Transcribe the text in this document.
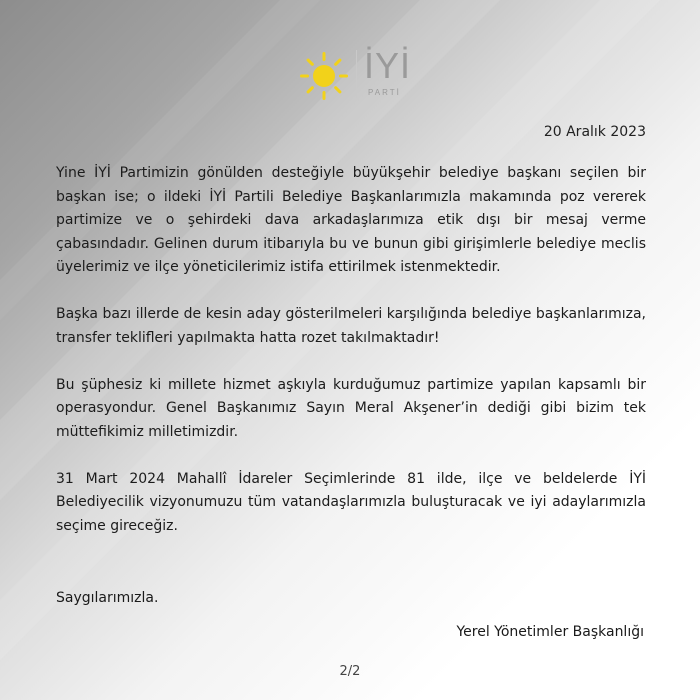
İYİ
PARTİ
20 Aralık 2023

Yine İYİ Partimizin gönülden desteğiyle büyükşehir belediye başkanı seçilen bir başkan ise; o ildeki İYİ Partili Belediye Başkanlarımızla makamında poz vererek partimize ve o şehirdeki dava arkadaşlarımıza etik dışı bir mesaj verme çabasındadır. Gelinen durum itibarıyla bu ve bunun gibi girişimlerle belediye meclis üyelerimiz ve ilçe yöneticilerimiz istifa ettirilmek istenmektedir.

Başka bazı illerde de kesin aday gösterilmeleri karşılığında belediye başkanlarımıza, transfer teklifleri yapılmakta hatta rozet takılmaktadır!

Bu şüphesiz ki millete hizmet aşkıyla kurduğumuz partimize yapılan kapsamlı bir operasyondur. Genel Başkanımız Sayın Meral Akşener’in dediği gibi bizim tek müttefikimiz milletimizdir.

31 Mart 2024 Mahallî İdareler Seçimlerinde 81 ilde, ilçe ve beldelerde İYİ Belediyecilik vizyonumuzu tüm vatandaşlarımızla buluşturacak ve iyi adaylarımızla seçime gireceğiz.

Saygılarımızla.
Yerel Yönetimler Başkanlığı
2/2
